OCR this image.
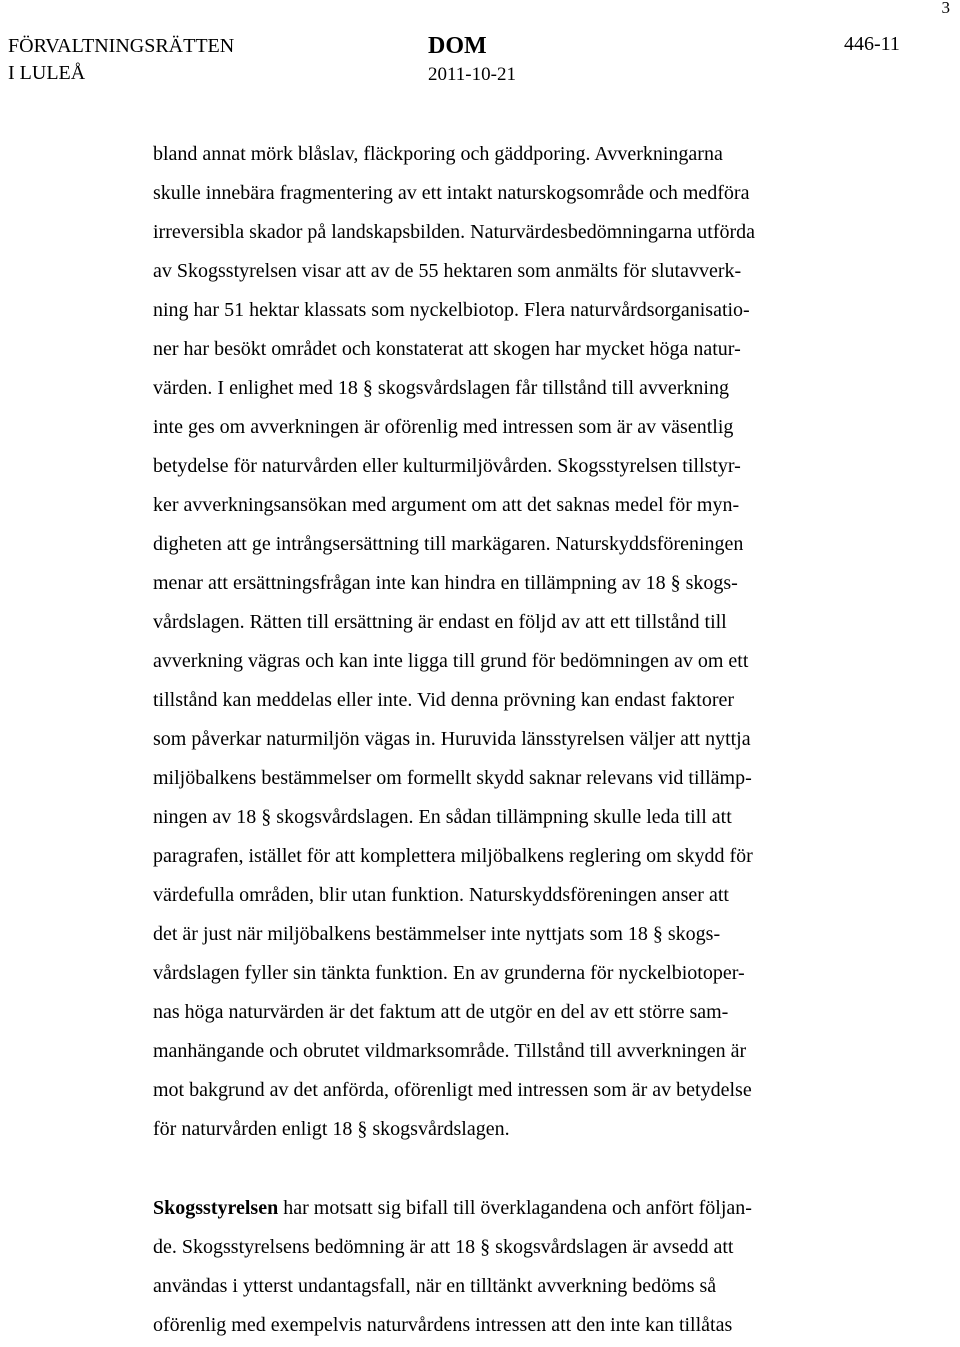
3
FÖRVALTNINGSRÄTTEN
I LULEÅ
DOM
2011-10-21
446-11
bland annat mörk blåslav, fläckporing och gäddporing. Avverkningarna
skulle innebära fragmentering av ett intakt naturskogsområde och medföra
irreversibla skador på landskapsbilden. Naturvärdesbedömningarna utförda
av Skogsstyrelsen visar att av de 55 hektaren som anmälts för slutavverk-
ning har 51 hektar klassats som nyckelbiotop. Flera naturvårdsorganisatio-
ner har besökt området och konstaterat att skogen har mycket höga natur-
värden. I enlighet med 18 § skogsvårdslagen får tillstånd till avverkning
inte ges om avverkningen är oförenlig med intressen som är av väsentlig
betydelse för naturvården eller kulturmiljövården. Skogsstyrelsen tillstyr-
ker avverkningsansökan med argument om att det saknas medel för myn-
digheten att ge intrångsersättning till markägaren. Naturskyddsföreningen
menar att ersättningsfrågan inte kan hindra en tillämpning av 18 § skogs-
vårdslagen. Rätten till ersättning är endast en följd av att ett tillstånd till
avverkning vägras och kan inte ligga till grund för bedömningen av om ett
tillstånd kan meddelas eller inte. Vid denna prövning kan endast faktorer
som påverkar naturmiljön vägas in. Huruvida länsstyrelsen väljer att nyttja
miljöbalkens bestämmelser om formellt skydd saknar relevans vid tillämp-
ningen av 18 § skogsvårdslagen. En sådan tillämpning skulle leda till att
paragrafen, istället för att komplettera miljöbalkens reglering om skydd för
värdefulla områden, blir utan funktion. Naturskyddsföreningen anser att
det är just när miljöbalkens bestämmelser inte nyttjats som 18 § skogs-
vårdslagen fyller sin tänkta funktion. En av grunderna för nyckelbiotoper-
nas höga naturvärden är det faktum att de utgör en del av ett större sam-
manhängande och obrutet vildmarksområde. Tillstånd till avverkningen är
mot bakgrund av det anförda, oförenligt med intressen som är av betydelse
för naturvården enligt 18 § skogsvårdslagen.
Skogsstyrelsen har motsatt sig bifall till överklagandena och anfört följan-
de. Skogsstyrelsens bedömning är att 18 § skogsvårdslagen är avsedd att
användas i ytterst undantagsfall, när en tilltänkt avverkning bedöms så
oförenlig med exempelvis naturvårdens intressen att den inte kan tillåtas
